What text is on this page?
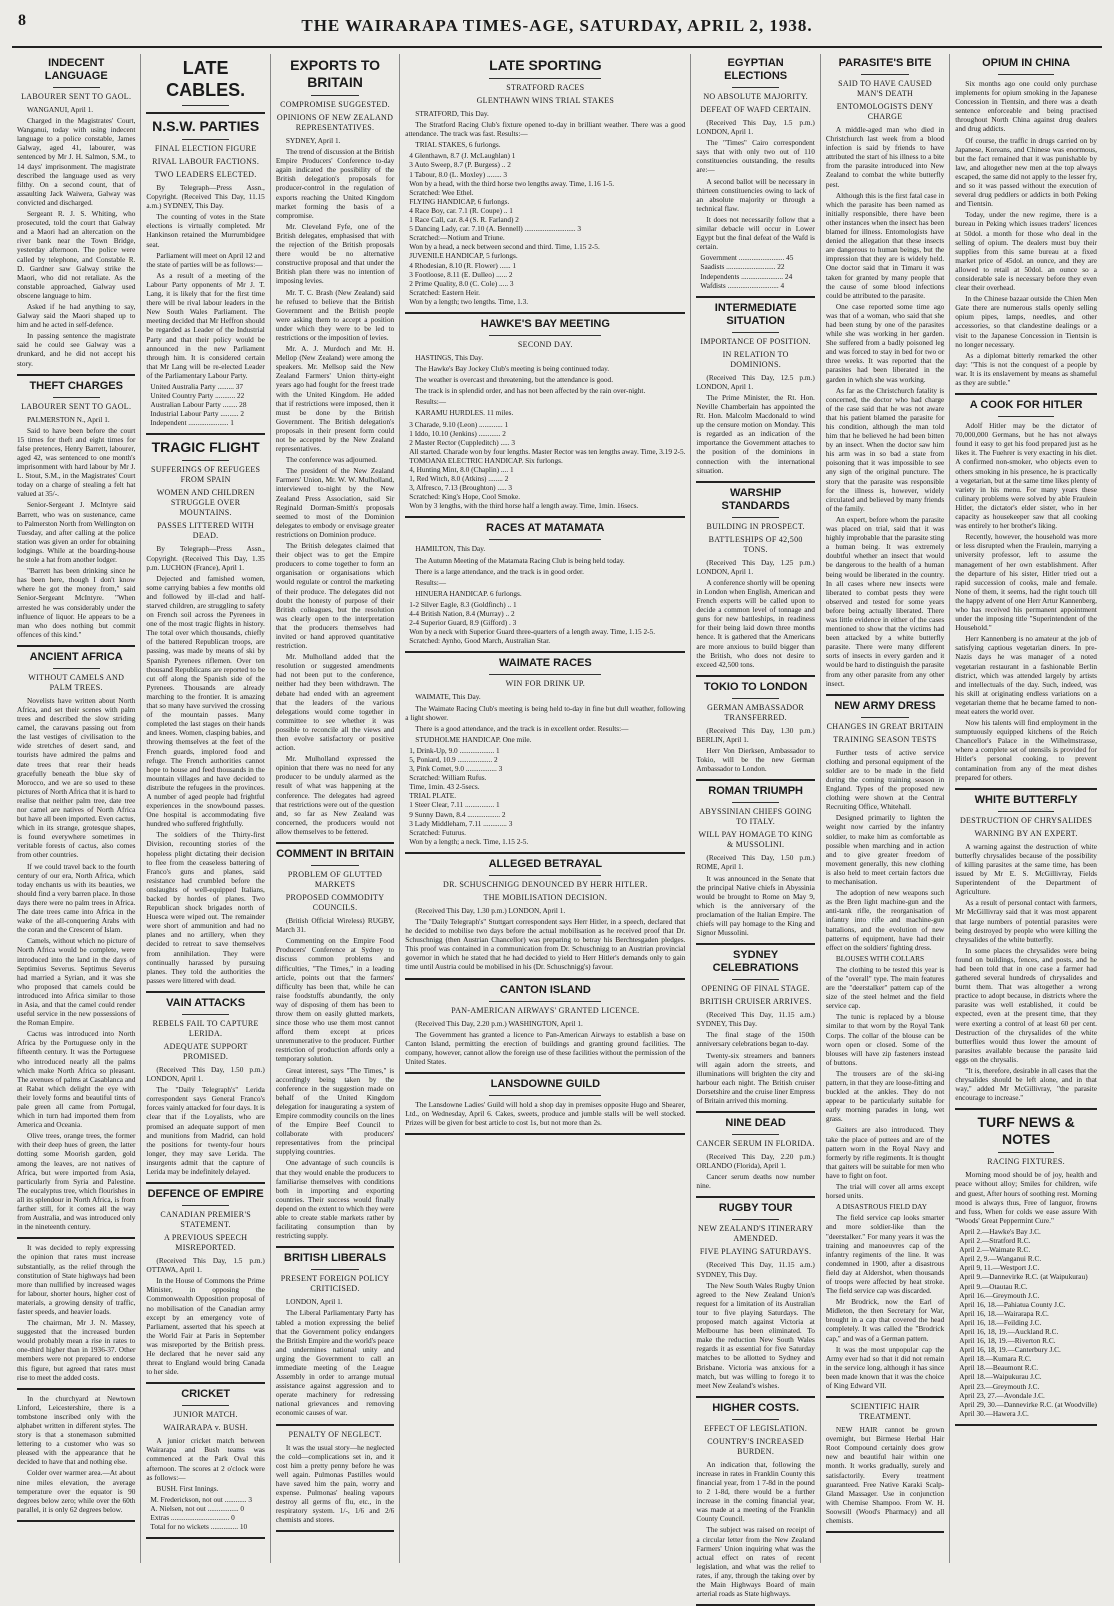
8	THE WAIRARAPA TIMES-AGE, SATURDAY, APRIL 2, 1938.
INDECENT LANGUAGE
LABOURER SENT TO GAOL.
WANGANUI, April 1.

Charged in the Magistrates' Court, Wanganui, today with using indecent language to a police constable, James Galway, aged 41, labourer, was sentenced by Mr J. H. Salmon, S.M., to 14 days' imprisonment. The magistrate described the language used as very filthy. On a second count, that of assaulting Jack Waiwera, Galway was convicted and discharged.

Sergeant R. J. S. Whiting, who prosecuted, told the court that Galway and a Maori had an altercation on the river bank near the Town Bridge, yesterday afternoon. The police were called by telephone, and Constable R. D. Gardner saw Galway strike the Maori, who did not retaliate. As the constable approached, Galway used obscene language to him.

Asked if he had anything to say, Galway said the Maori shaped up to him and he acted in self-defence.

In passing sentence the magistrate said he could see Galway was a drunkard, and he did not accept his story.

THEFT CHARGES
LABOURER SENT TO GAOL.
PALMERSTON N., April 1.

Said to have been before the court 15 times for theft and eight times for false pretences, Henry Barrett, labourer, aged 42, was sentenced to one month's imprisonment with hard labour by Mr J. L. Stout, S.M., in the Magistrates' Court today on a charge of stealing a felt hat valued at 35/-.

Senior-Sergeant J. McIntyre said Barrett, who was on sustenance, came to Palmerston North from Wellington on Tuesday, and after calling at the police station was given an order for obtaining lodgings. While at the boarding-house he stole a hat from another lodger.

"Barrett has been drinking since he has been here, though I don't know where he got the money from," said Senior-Sergeant McIntyre. "When arrested he was considerably under the influence of liquor. He appears to be a man who does nothing but commit offences of this kind."

ANCIENT AFRICA
WITHOUT CAMELS AND PALM TREES.

Novelists have written about North Africa, and set their scenes with palm trees and described the slow striding camel, the caravans passing out from the last vestiges of civilisation to the wide stretches of desert sand, and tourists have admired the palms and date trees that rear their heads gracefully beneath the blue sky of Morocco, and we are so used to these pictures of North Africa that it is hard to realise that neither palm tree, date tree nor camel are natives of North Africa but have all been imported. Even cactus, which in its strange, grotesque shapes, is found everywhere sometimes in veritable forests of cactus, also comes from other countries.

If we could travel back to the fourth century of our era, North Africa, which today enchants us with its beauties, we should find a very barren place. In those days there were no palm trees in Africa. The date trees came into Africa in the wake of the all-conquering Arabs with the coran and the Crescent of Islam.

Camels, without which no picture of North Africa would be complete, were introduced into the land in the days of Septimius Severus. Septimus Severus had married a Syrian, and it was she who proposed that camels could be introduced into Africa similar to those in Asia, and that the camel could render useful service in the new possessions of the Roman Empire.

Cactus was introduced into North Africa by the Portuguese only in the fifteenth century. It was the Portuguese who introduced nearly all the palms which make North Africa so pleasant. The avenues of palms at Casablanca and at Rabat which delight the eye with their lovely forms and beautiful tints of pale green all came from Portugal, which in turn had imported them from America and Oceania.

Olive trees, orange trees, the former with their deep hues of green, the latter dotting some Moorish garden, gold among the leaves, are not natives of Africa, but were imported from Asia, particularly from Syria and Palestine. The eucalyptus tree, which flourishes in all its splendour in North Africa, is from farther still, for it comes all the way from Australia, and was introduced only in the nineteenth century.

It was decided to reply expressing the opinion that rates must increase substantially, as the relief through the constitution of State highways had been more than nullified by increased wages for labour, shorter hours, higher cost of materials, a growing density of traffic, faster speeds, and heavier loads.

The chairman, Mr J. N. Massey, suggested that the increased burden would probably mean a rise in rates to one-third higher than in 1936-37. Other members were not prepared to endorse this figure, but agreed that rates must rise to meet the added costs.

In the churchyard at Newtown Linford, Leicestershire, there is a tombstone inscribed only with the alphabet written in different styles. The story is that a stonemason submitted lettering to a customer who was so pleased with the appearance that he decided to have that and nothing else.

Colder over warmer area.—At about nine miles elevation, the average temperature over the equator is 90 degrees below zero; while over the 60th parallel, it is only 62 degrees below.

LATE CABLES.
N.S.W. PARTIES
FINAL ELECTION FIGURE
RIVAL LABOUR FACTIONS.
TWO LEADERS ELECTED.
By Telegraph—Press Assn., Copyright. (Received This Day, 11.15 a.m.) SYDNEY, This Day.

The counting of votes in the State elections is virtually completed. Mr Hankinson retained the Murrumbidgee seat.

Parliament will meet on April 12 and the state of parties will be as follows:—

As a result of a meeting of the Labour Party opponents of Mr J. T. Lang, it is likely that for the first time there will be rival labour leaders in the New South Wales Parliament. The meeting decided that Mr Heffron should be regarded as Leader of the Industrial Party and that their policy would be announced in the new Parliament through him. It is considered certain that Mr Lang will be re-elected Leader of the Parliamentary Labour Party.

United Australia Party ......... 37
United Country Party ........... 22
Australian Labour Party ........ 28
Industrial Labour Party .......... 2
Independent ...................... 1
TRAGIC FLIGHT
SUFFERINGS OF REFUGEES FROM SPAIN
WOMEN AND CHILDREN STRUGGLE OVER MOUNTAINS.
PASSES LITTERED WITH DEAD.
By Telegraph—Press Assn., Copyright. (Received This Day, 1.35 p.m. LUCHON (France), April 1.

Dejected and famished women, some carrying babies a few months old and followed by ill-clad and half-starved children, are struggling to safety on French soil across the Pyrenees in one of the most tragic flights in history. The total over which thousands, chiefly of the battered Republican troops, are passing, was made by means of ski by Spanish Pyrenees riflemen. Over ten thousand Republicans are reported to be cut off along the Spanish side of the Pyrenees. Thousands are already marching to the frontier. It is amazing that so many have survived the crossing of the mountain passes. Many completed the last stages on their hands and knees. Women, clasping babies, and throwing themselves at the feet of the French guards, implored food and refuge. The French authorities cannot hope to house and feed thousands in the mountain villages and have decided to distribute the refugees in the provinces. A number of aged people had frightful experiences in the snowbound passes. One hospital is accommodating five hundred who suffered frightfully.

The soldiers of the Thirty-first Division, recounting stories of the hopeless plight dictating their decision to flee from the ceaseless battering of Franco's guns and planes, said resistance had crumbled before the onslaughts of well-equipped Italians, backed by hordes of planes. Two Republican shock brigades north of Huesca were wiped out. The remainder were short of ammunition and had no planes and no artillery, when they decided to retreat to save themselves from annihilation. They were continually harassed by pursuing planes. They told the authorities the passes were littered with dead.

VAIN ATTACKS
REBELS FAIL TO CAPTURE LERIDA.
ADEQUATE SUPPORT PROMISED.
(Received This Day, 1.50 p.m.) LONDON, April 1.

The "Daily Telegraph's" Lerida correspondent says General Franco's forces vainly attacked for four days. It is clear that if the Loyalists, who are promised an adequate support of men and munitions from Madrid, can hold the positions for twenty-four hours longer, they may save Lerida. The insurgents admit that the capture of Lerida may be indefinitely delayed.

DEFENCE OF EMPIRE
CANADIAN PREMIER'S STATEMENT.
A PREVIOUS SPEECH MISREPORTED.
(Received This Day, 1.5 p.m.) OTTAWA, April 1.

In the House of Commons the Prime Minister, in opposing the Commonwealth Opposition proposal of no mobilisation of the Canadian army except by an emergency vote of Parliament, asserted that his speech at the World Fair at Paris in September was misreported by the British press. He declared that he never said any threat to England would bring Canada to her side.

CRICKET
JUNIOR MATCH.
WAIRARAPA v. BUSH.

A junior cricket match between Wairarapa and Bush teams was commenced at the Park Oval this afternoon. The scores at 2 o'clock were as follows:—

BUSH. First Innings.

M. Frederickson, not out ............ 3
A. Nielsen, not out ................. 0
Extras ................................ 0
Total for no wickets ............... 10
EXPORTS TO BRITAIN
COMPROMISE SUGGESTED.
OPINIONS OF NEW ZEALAND REPRESENTATIVES.
SYDNEY, April 1.

The trend of discussion at the British Empire Producers' Conference to-day again indicated the possibility of the British delegation's proposals for producer-control in the regulation of exports reaching the United Kingdom market forming the basis of a compromise.

Mr. Cleveland Fyfe, one of the British delegates, emphasised that with the rejection of the British proposals there would be no alternative constructive proposal and that under the British plan there was no intention of imposing levies.

Mr. T. C. Brash (New Zealand) said he refused to believe that the British Government and the British people were asking them to accept a position under which they were to be led to restrictions or the imposition of levies.

Mr. A. J. Murdoch and Mr. H. Mellop (New Zealand) were among the speakers. Mr. Mellsop said the New Zealand Farmers' Union thirty-eight years ago had fought for the freest trade with the United Kingdom. He added that if restrictions were imposed, then it must be done by the British Government. The British delegation's proposals in their present form could not be accepted by the New Zealand representatives.

The conference was adjourned.

The president of the New Zealand Farmers' Union, Mr. W. W. Mulholland, interviewed to-night by the New Zealand Press Association, said Sir Reginald Dorman-Smith's proposals seemed to most of the Dominion delegates to embody or envisage greater restrictions on Dominion produce.

The British delegates claimed that their object was to get the Empire producers to come together to form an organisation or organisations which would regulate or control the marketing of their produce. The delegates did not doubt the honesty of purpose of their British colleagues, but the resolution was clearly open to the interpretation that the producers themselves had invited or hand approved quantitative restriction.

Mr. Mulholland added that the resolution or suggested amendments had not been put to the conference, neither had they been withdrawn. The debate had ended with an agreement that the leaders of the various delegations would come together in committee to see whether it was possible to reconcile all the views and then evolve satisfactory or positive action.

Mr. Mulholland expressed the opinion that there was no need for any producer to be unduly alarmed as the result of what was happening at the conference. The delegates had agreed that restrictions were out of the question and, so far as New Zealand was concerned, the producers would not allow themselves to be fettered.

COMMENT IN BRITAIN
PROBLEM OF GLUTTED MARKETS
PROPOSED COMMODITY COUNCILS.
(British Official Wireless) RUGBY, March 31.

Commenting on the Empire Food Producers' Conference at Sydney to discuss common problems and difficulties, "The Times," in a leading article, points out that the farmers' difficulty has been that, while he can raise foodstuffs abundantly, the only way of disposing of them has been to throw them on easily glutted markets, since those who use them most cannot afford them except at prices unremunerative to the producer. Further restriction of production affords only a temporary solution.

Great interest, says "The Times," is accordingly being taken by the conference in the suggestion made on behalf of the United Kingdom delegation for inaugurating a system of Empire commodity councils on the lines of the Empire Beef Council to collaborate with producers' representatives from the principal supplying countries.

One advantage of such councils is that they would enable the producers to familiarise themselves with conditions both in importing and exporting countries. Their success would finally depend on the extent to which they were able to create stable markets rather by facilitating consumption than by restricting supply.

BRITISH LIBERALS
PRESENT FOREIGN POLICY CRITICISED.
LONDON, April 1.

The Liberal Parliamentary Party has tabled a motion expressing the belief that the Government policy endangers the British Empire and the world's peace and undermines national unity and urging the Government to call an immediate meeting of the League Assembly in order to arrange mutual assistance against aggression and to operate machinery for redressing national grievances and removing economic causes of war.

PENALTY OF NEGLECT.

It was the usual story—he neglected the cold—complications set in, and it cost him a pretty penny before he was well again. Pulmonas Pastilles would have saved him the pain, worry and expense. Pulmonas' healing vapours destroy all germs of flu, etc., in the respiratory system. 1/-, 1/6 and 2/6 chemists and stores.

LATE SPORTING
STRATFORD RACES
GLENTHAWN WINS TRIAL STAKES
STRATFORD, This Day.

The Stratford Racing Club's fixture opened to-day in brilliant weather. There was a good attendance. The track was fast. Results:—

TRIAL STAKES, 6 furlongs.

4 Glenthawn, 8.7 (J. McLaughlan) 1
3 Auto Sweep, 8.7 (P. Burgess) .. 2
1 Tabour, 8.0 (L. Moxley) ........ 3
Won by a head, with the third horse two lengths away. Time, 1.16 1-5.
Scratched: Wee Ethel.
FLYING HANDICAP, 6 furlongs.
4 Race Boy, car. 7.1 (R. Coupe) .. 1
1 Race Call, car. 8.4 (S. R. Farland) 2
5 Dancing Lady, car. 7.10 (A. Bennell) ............................ 3
Scratched:—Notium and Triune.
Won by a head, a neck between second and third. Time, 1.15 2-5.
JUVENILE HANDICAP, 5 furlongs.
4 Rhodesian, 8.10 (R. Flower) ...... 1
3 Footloose, 8.11 (E. Dulleo) ...... 2
2 Prime Quality, 8.0 (C. Cole) ..... 3
Scratched: Eastern Heir.
Won by a length; two lengths. Time, 1.3.
HAWKE'S BAY MEETING
SECOND DAY.
HASTINGS, This Day.

The Hawke's Bay Jockey Club's meeting is being continued today.

The weather is overcast and threatening, but the attendance is good.

The track is in splendid order, and has not been affected by the rain over-night.

Results:—

KARAMU HURDLES. 11 miles.

3 Charade, 9.10 (Leon) ............. 1
1 Iddo, 10.10 (Jenkins) ............ 2
2 Master Rector (Cuppleditch) ..... 3
All started. Charade won by four lengths. Master Rector was ten lengths away. Time, 3.19 2-5.
TOMOANA ELECTRIC HANDICAP. Six furlongs.
4, Hunting Mint, 8.0 (Chaplin) .... 1
1, Red Witch, 8.0 (Atkins) ........ 2
3, Alfresco, 7.13 (Broughton) ..... 3
Scratched: King's Hope, Cool Smoke.
Won by 3 lengths, with the third horse half a length away. Time, 1min. 16secs.
RACES AT MATAMATA
HAMILTON, This Day.

The Autumn Meeting of the Matamata Racing Club is being held today.

There is a large attendance, and the track is in good order.

Results:—

HINUERA HANDICAP. 6 furlongs.

1-2 Silver Eagle, 8.3 (Goldfinch) .. 1
4-4 British Nation, 8.4 (Murray) .. 2
2-4 Superior Guard, 8.9 (Gifford) . 3
Won by a neck with Superior Guard three-quarters of a length away. Time, 1.15 2-5.
Scratched: Aynho, Good March, Australian Star.
WAIMATE RACES
WIN FOR DRINK UP.
WAIMATE, This Day.

The Waimate Racing Club's meeting is being held to-day in fine but dull weather, following a light shower.

There is a good attendance, and the track is in excellent order. Results:—

STUDHOLME HANDICAP. One mile.

1, Drink-Up, 9.0 ................... 1
5, Poniard, 10.9 ................... 2
3, Pink Comet, 9.0 ................. 3
Scratched: William Rufus.
Time, 1min. 43 2-5secs.
TRIAL PLATE.
1 Steer Clear, 7.11 ................ 1
9 Sunny Dawn, 8.4 .................. 2
3 Lady Middleham, 7.11 ............. 3
Scratched: Futurus.
Won by a length; a neck. Time, 1.15 2-5.
ALLEGED BETRAYAL
DR. SCHUSCHNIGG DENOUNCED BY HERR HITLER.
THE MOBILISATION DECISION.
(Received This Day, 1.30 p.m.) LONDON, April 1.

The "Daily Telegraph's" Stuttgart correspondent says Herr Hitler, in a speech, declared that he decided to mobilise two days before the actual mobilisation as he received proof that Dr. Schuschnigg (then Austrian Chancellor) was preparing to betray his Berchtesgaden pledges. This proof was contained in a communication from Dr. Schuschnigg to an Austrian provincial governor in which he stated that he had decided to yield to Herr Hitler's demands only to gain time until Austria could be mobilised in his (Dr. Schuschnigg's) favour.

CANTON ISLAND
PAN-AMERICAN AIRWAYS' GRANTED LICENCE.
(Received This Day, 2.20 p.m.) WASHINGTON, April 1.

The Government has granted a licence to Pan-American Airways to establish a base on Canton Island, permitting the erection of buildings and granting ground facilities. The company, however, cannot allow the foreign use of these facilities without the permission of the United States.

LANSDOWNE GUILD

The Lansdowne Ladies' Guild will hold a shop day in premises opposite Hugo and Shearer, Ltd., on Wednesday, April 6. Cakes, sweets, produce and jumble stalls will be well stocked. Prizes will be given for best article to cost 1s, but not more than 2s.

EGYPTIAN ELECTIONS
NO ABSOLUTE MAJORITY.
DEFEAT OF WAFD CERTAIN.
(Received This Day, 1.5 p.m.) LONDON, April 1.

The "Times" Cairo correspondent says that with only two out of 110 constituencies outstanding, the results are:—

A second ballot will be necessary in thirteen constituencies owing to lack of an absolute majority or through a technical flaw.

It does not necessarily follow that a similar debacle will occur in Lower Egypt but the final defeat of the Wafd is certain.

Government ......................... 45
Saadists ........................... 22
Independents ....................... 24
Wafdists ............................ 4
INTERMEDIATE SITUATION
IMPORTANCE OF POSITION.
IN RELATION TO DOMINIONS.
(Received This Day, 12.5 p.m.) LONDON, April 1.

The Prime Minister, the Rt. Hon. Neville Chamberlain has appointed the Rt. Hon. Malcolm Macdonald to wind up the censure motion on Monday. This is regarded as an indication of the importance the Government attaches to the position of the dominions in connection with the international situation.

WARSHIP STANDARDS
BUILDING IN PROSPECT.
BATTLESHIPS OF 42,500 TONS.
(Received This Day, 1.25 p.m.) LONDON, April 1.

A conference shortly will be opening in London when English, American and French experts will be called upon to decide a common level of tonnage and guns for new battleships, in readiness for their being laid down three months hence. It is gathered that the Americans are more anxious to build bigger than the British, who does not desire to exceed 42,500 tons.

TOKIO TO LONDON
GERMAN AMBASSADOR TRANSFERRED.
(Received This Day, 1.30 p.m.) BERLIN, April 1.

Herr Von Dierksen, Ambassador to Tokio, will be the new German Ambassador to London.

ROMAN TRIUMPH
ABYSSINIAN CHIEFS GOING TO ITALY.
WILL PAY HOMAGE TO KING & MUSSOLINI.
(Received This Day, 1.50 p.m.) ROME, April 1.

It was announced in the Senate that the principal Native chiefs in Abyssinia would be brought to Rome on May 9, which is the anniversary of the proclamation of the Italian Empire. The chiefs will pay homage to the King and Signor Mussolini.

SYDNEY CELEBRATIONS
OPENING OF FINAL STAGE.
BRITISH CRUISER ARRIVES.
(Received This Day, 11.15 a.m.) SYDNEY, This Day.

The final stage of the 150th anniversary celebrations began to-day.

Twenty-six streamers and banners will again adorn the streets, and illuminations will brighten the city and harbour each night. The British cruiser Dorsetshire and the cruise liner Empress of Britain arrived this morning.

NINE DEAD
CANCER SERUM IN FLORIDA.
(Received This Day, 2.20 p.m.) ORLANDO (Florida), April 1.

Cancer serum deaths now number nine.

RUGBY TOUR
NEW ZEALAND'S ITINERARY AMENDED.
FIVE PLAYING SATURDAYS.
(Received This Day, 11.15 a.m.) SYDNEY, This Day.

The New South Wales Rugby Union agreed to the New Zealand Union's request for a limitation of its Australian tour to five playing Saturdays. The proposed match against Victoria at Melbourne has been eliminated. To make the reduction New South Wales regards it as essential for five Saturday matches to be allotted to Sydney and Brisbane. Victoria was anxious for a match, but was willing to forego it to meet New Zealand's wishes.

HIGHER COSTS.
EFFECT OF LEGISLATION.
COUNTRY'S INCREASED BURDEN.

An indication that, following the increase in rates in Franklin County this financial year, from 1 7-8d in the pound to 2 1-8d, there would be a further increase in the coming financial year, was made at a meeting of the Franklin County Council.

The subject was raised on receipt of a circular letter from the New Zealand Farmers' Union inquiring what was the actual effect on rates of recent legislation, and what was the relief to rates, if any, through the taking over by the Main Highways Board of main arterial roads as State highways.

PARASITE'S BITE
SAID TO HAVE CAUSED MAN'S DEATH
ENTOMOLOGISTS DENY CHARGE

A middle-aged man who died in Christchurch last week from a blood infection is said by friends to have attributed the start of his illness to a bite from the parasite introduced into New Zealand to combat the white butterfly pest.

Although this is the first fatal case in which the parasite has been named as initially responsible, there have been other instances when the insect has been blamed for illness. Entomologists have denied the allegation that these insects are dangerous to human beings, but the impression that they are is widely held. One doctor said that in Timaru it was taken for granted by many people that the cause of some blood infections could be attributed to the parasite.

One case reported some time ago was that of a woman, who said that she had been stung by one of the parasites while she was working in her garden. She suffered from a badly poisoned leg and was forced to stay in bed for two or three weeks. It was reported that the parasites had been liberated in the garden in which she was working.

As far as the Christchurch fatality is concerned, the doctor who had charge of the case said that he was not aware that his patient blamed the parasite for his condition, although the man told him that he believed he had been bitten by an insect. When the doctor saw him his arm was in so bad a state from poisoning that it was impossible to see any sign of the original puncture. The story that the parasite was responsible for the illness is, however, widely circulated and believed by many friends of the family.

An expert, before whom the parasite was placed on trial, said that it was highly improbable that the parasite sting a human being. It was extremely doubtful whether an insect that would be dangerous to the health of a human being would be liberated in the country. In all cases where new insects were liberated to combat pests they were observed and tested for some years before being actually liberated. There was little evidence in either of the cases mentioned to show that the victims had been attacked by a white butterfly parasite. There were many different sorts of insects in every garden and it would be hard to distinguish the parasite from any other parasite from any other insect.

NEW ARMY DRESS
CHANGES IN GREAT BRITAIN
TRAINING SEASON TESTS

Further tests of active service clothing and personal equipment of the soldier are to be made in the field during the coming training season in England. Types of the proposed new clothing were shown at the Central Recruiting Office, Whitehall.

Designed primarily to lighten the weight now carried by the infantry soldier, to make him as comfortable as possible when marching and in action and to give greater freedom of movement generally, this new clothing is also held to meet certain factors due to mechanisation.

The adoption of new weapons such as the Bren light machine-gun and the anti-tank rifle, the reorganisation of infantry into rifle and machine-gun battalions, and the evolution of new patterns of equipment, have had their effect on the soldiers' fighting dress.

BLOUSES WITH COLLARS

The clothing to be tested this year is of the "overall" type. The main features are the "deerstalker" pattern cap of the size of the steel helmet and the field service cap.

The tunic is replaced by a blouse similar to that worn by the Royal Tank Corps. The collar of the blouse can be worn open or closed. Some of the blouses will have zip fasteners instead of buttons.

The trousers are of the ski-ing pattern, in that they are loose-fitting and buckled at the ankles. They do not appear to be particularly suitable for early morning parades in long, wet grass.

Gaiters are also introduced. They take the place of puttees and are of the pattern worn in the Royal Navy and formerly by rifle regiments. It is thought that gaiters will be suitable for men who have to fight on foot.

The trial will cover all arms except horsed units.

A DISASTROUS FIELD DAY

The field service cap looks smarter and more soldier-like than the "deerstalker." For many years it was the training and manoeuvres cap of the infantry regiments of the line. It was condemned in 1900, after a disastrous field day at Aldershot, when thousands of troops were affected by heat stroke. The field service cap was discarded.

Mr Brodrick, now the Earl of Midleton, the then Secretary for War, brought in a cap that covered the head completely. It was called the "Brodrick cap," and was of a German pattern.

It was the most unpopular cap the Army ever had so that it did not remain in the service long, although it has since been made known that it was the choice of King Edward VII.

SCIENTIFIC HAIR TREATMENT.

NEW HAIR cannot be grown overnight, but Birmese Herbal Hair Root Compound certainly does grow new and beautiful hair within one month. It works gradually, surely and satisfactorily. Every treatment guaranteed. Free Native Karaki Scalp-Gland Massager. Use in conjunction with Chemise Shampoo. From W. H. Soowsill (Wood's Pharmacy) and all chemists.

OPIUM IN CHINA

Six months ago one could only purchase implements for opium smoking in the Japanese Concession in Tientsin, and there was a death sentence enforceable and being practised throughout North China against drug dealers and drug addicts.

Of course, the traffic in drugs carried on by Japanese, Koreans, and Chinese was enormous, but the fact remained that it was punishable by law, and altogether new men at the top always escaped, the same did not apply to the lesser fry, and so it was passed without the execution of several drug peddlers or addicts in both Peking and Tientsin.

Today, under the new regime, there is a bureau in Peking which issues traders' licences at 50dol. a month for those who deal in the selling of opium. The dealers must buy their supplies from this same bureau at a fixed market price of 45dol. an ounce, and they are allowed to retail at 50dol. an ounce so a considerable sale is necessary before they even clear their overhead.

In the Chinese bazaar outside the Chien Men Gate there are numerous stalls openly selling opium pipes, lamps, needles, and other accessories, so that clandestine dealings or a visit to the Japanese Concession in Tientsin is no longer necessary.

As a diplomat bitterly remarked the other day: "This is not the conquest of a people by war. It is its enslavement by means as shameful as they are subtle."

A COOK FOR HITLER

Adolf Hitler may be the dictator of 70,000,000 Germans, but he has not always found it easy to get his food prepared just as he likes it. The Fuehrer is very exacting in his diet. A confirmed non-smoker, who objects even to others smoking in his presence, he is practically a vegetarian, but at the same time likes plenty of variety in his menu. For many years these culinary problems were solved by able Fraulein Hitler, the dictator's elder sister, who in her capacity as housekeeper saw that all cooking was entirely to her brother's liking.

Recently, however, the household was more or less disrupted when the Fraulein, marrying a university professor, left to assume the management of her own establishment. After the departure of his sister, Hitler tried out a rapid succession of cooks, male and female. None of them, it seems, had the right touch till the happy advent of one Herr Artur Kannenberg, who has received his permanent appointment under the imposing title "Superintendent of the Household."

Herr Kannenberg is no amateur at the job of satisfying captious vegetarian diners. In pre-Nazis days he was manager of a noted vegetarian restaurant in a fashionable Berlin district, which was attended largely by artists and intellectuals of the day. Such, indeed, was his skill at originating endless variations on a vegetarian theme that he became famed to non-meat eaters the world over.

Now his talents will find employment in the sumptuously equipped kitchens of the Reich Chancellor's Palace in the Wilhelmstrasse, where a complete set of utensils is provided for Hitler's personal cooking, to prevent contamination from any of the meat dishes prepared for others.

WHITE BUTTERFLY
DESTRUCTION OF CHRYSALIDES
WARNING BY AN EXPERT.

A warning against the destruction of white butterfly chrysalides because of the possibility of killing parasites at the same time, has been issued by Mr E. S. McGillivray, Fields Superintendent of the Department of Agriculture.

As a result of personal contact with farmers, Mr McGillivray said that it was most apparent that large numbers of potential parasites were being destroyed by people who were killing the chrysalides of the white butterfly.

In some places the chrysalides were being found on buildings, fences, and posts, and he had been told that in one case a farmer had gathered several hundreds of chrysalides and burnt them. That was altogether a wrong practice to adopt because, in districts where the parasite was well established, it could be expected, even at the present time, that they were exerting a control of at least 60 per cent. Destruction of the chrysalides of the white butterflies would thus lower the amount of parasites available because the parasite laid eggs on the chrysalis.

"It is, therefore, desirable in all cases that the chrysalides should be left alone, and in that way," added Mr McGillivray, "the parasite encourage to increase."

TURF NEWS & NOTES
RACING FIXTURES.

Morning mood should be of joy, health and peace without alloy; Smiles for children, wife and guest, After hours of soothing rest. Morning mood is always thus, Free of languor, frowns and fuss, When for colds we ease assure With "Woods' Great Peppermint Cure."

April 2.—Hawke's Bay J.C.
April 2.—Stratford R.C.
April 2.—Waimate R.C.
April 2, 9.—Wanganui R.C.
April 9, 11.—Westport J.C.
April 9.—Dannevirke R.C. (at Waipukurau)
April 9.—Otautau R.C.
April 16.—Greymouth J.C.
April 16, 18.—Pahiatua County J.C.
April 16, 18.—Wairarapa R.C.
April 16, 18.—Feilding J.C.
April 16, 18, 19.—Auckland R.C.
April 16, 18, 19.—Riverton R.C.
April 16, 18, 19.—Canterbury J.C.
April 18.—Kumara R.C.
April 18.—Beaumont R.C.
April 18.—Waipukurau J.C.
April 23.—Greymouth J.C.
April 23, 27.—Avondale J.C.
April 29, 30.—Dannevirke R.C. (at Woodville)
April 30.—Hawera J.C.
